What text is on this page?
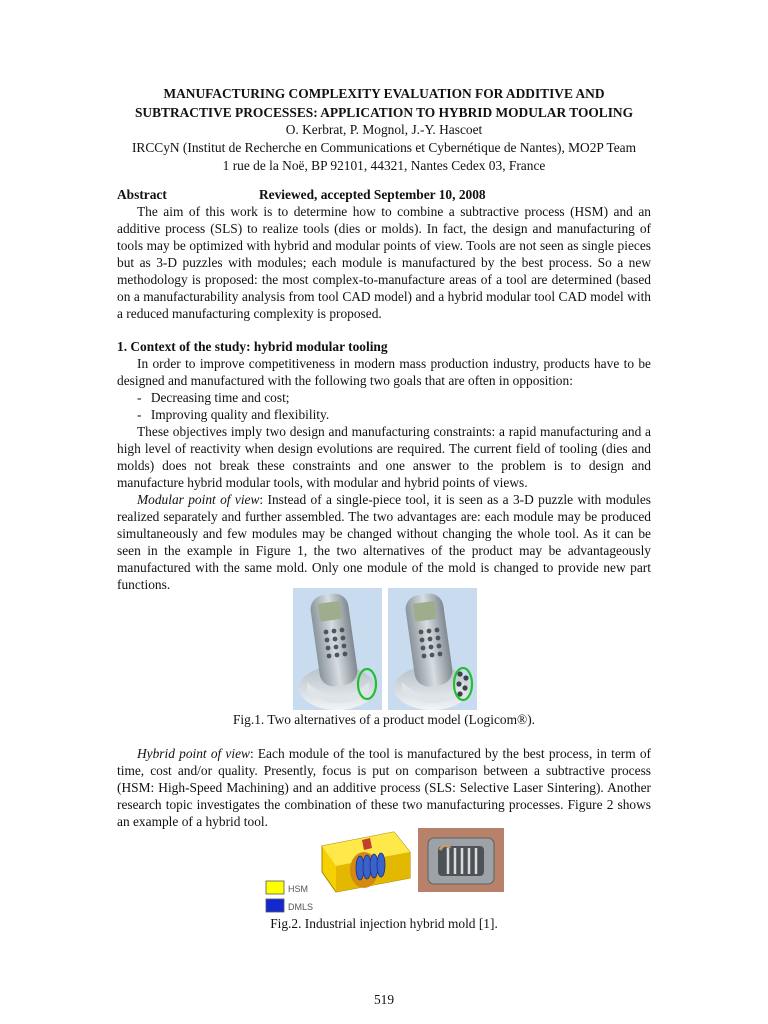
MANUFACTURING COMPLEXITY EVALUATION FOR ADDITIVE AND
SUBTRACTIVE PROCESSES: APPLICATION TO HYBRID MODULAR TOOLING
O. Kerbrat, P. Mognol, J.-Y. Hascoet
IRCCyN (Institut de Recherche en Communications et Cybernétique de Nantes), MO2P Team
1 rue de la Noë, BP 92101, 44321, Nantes Cedex 03, France
Abstract	Reviewed, accepted September 10, 2008
The aim of this work is to determine how to combine a subtractive process (HSM) and an additive process (SLS) to realize tools (dies or molds). In fact, the design and manufacturing of tools may be optimized with hybrid and modular points of view. Tools are not seen as single pieces but as 3-D puzzles with modules; each module is manufactured by the best process. So a new methodology is proposed: the most complex-to-manufacture areas of a tool are determined (based on a manufacturability analysis from tool CAD model) and a hybrid modular tool CAD model with a reduced manufacturing complexity is proposed.
1. Context of the study: hybrid modular tooling
In order to improve competitiveness in modern mass production industry, products have to be designed and manufactured with the following two goals that are often in opposition:
- Decreasing time and cost;
- Improving quality and flexibility.
These objectives imply two design and manufacturing constraints: a rapid manufacturing and a high level of reactivity when design evolutions are required. The current field of tooling (dies and molds) does not break these constraints and one answer to the problem is to design and manufacture hybrid modular tools, with modular and hybrid points of views.
Modular point of view: Instead of a single-piece tool, it is seen as a 3-D puzzle with modules realized separately and further assembled. The two advantages are: each module may be produced simultaneously and few modules may be changed without changing the whole tool. As it can be seen in the example in Figure 1, the two alternatives of the product may be advantageously manufactured with the same mold. Only one module of the mold is changed to provide new part functions.
Fig.1. Two alternatives of a product model (Logicom®).
Hybrid point of view: Each module of the tool is manufactured by the best process, in term of time, cost and/or quality. Presently, focus is put on comparison between a subtractive process (HSM: High-Speed Machining) and an additive process (SLS: Selective Laser Sintering). Another research topic investigates the combination of these two manufacturing processes. Figure 2 shows an example of a hybrid tool.
HSM
DMLS
Fig.2. Industrial injection hybrid mold [1].
519
